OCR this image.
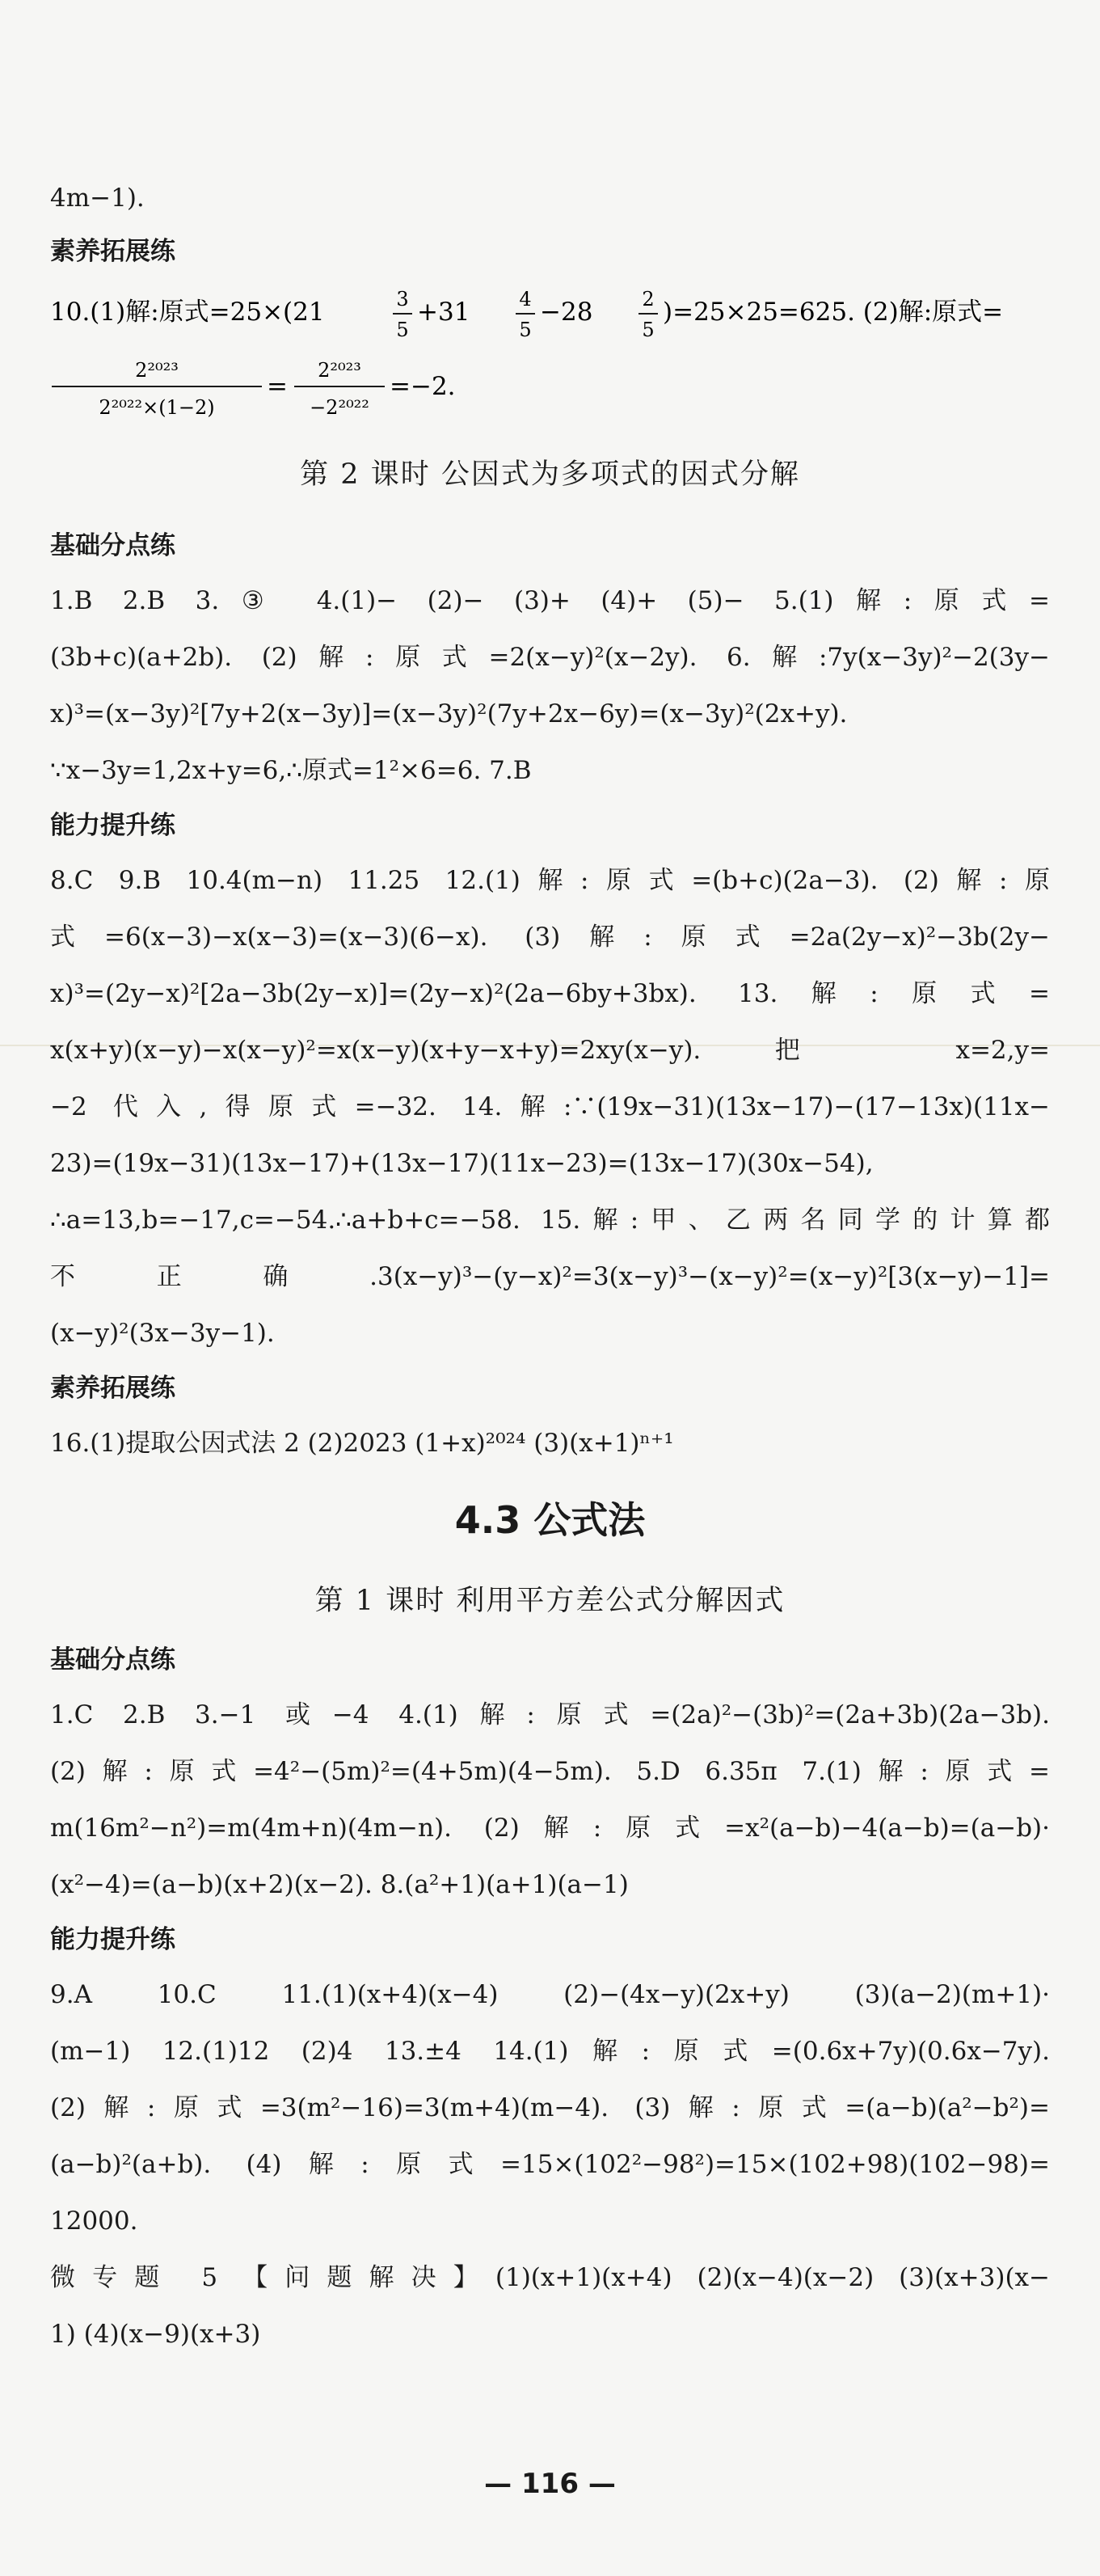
4m−1).
素养拓展练
10.(1)解:原式=25×(21	3
5
+31	4
5
−28	2
5
)=25×25=625. (2)解:原式=
2²⁰²³
2²⁰²²×(1−2)
=
2²⁰²³
−2²⁰²²
=−2.
第 2 课时 公因式为多项式的因式分解
基础分点练
1.B 2.B 3.③ 4.(1)− (2)− (3)+ (4)+ (5)− 5.(1)解:原式=
(3b+c)(a+2b). (2)解:原式=2(x−y)²(x−2y). 6.解:7y(x−3y)²−2(3y−
x)³=(x−3y)²[7y+2(x−3y)]=(x−3y)²(7y+2x−6y)=(x−3y)²(2x+y).
∵x−3y=1,2x+y=6,∴原式=1²×6=6. 7.B
能力提升练
8.C 9.B 10.4(m−n) 11.25 12.(1)解:原式=(b+c)(2a−3). (2)解:原
式=6(x−3)−x(x−3)=(x−3)(6−x). (3)解:原式=2a(2y−x)²−3b(2y−
x)³=(2y−x)²[2a−3b(2y−x)]=(2y−x)²(2a−6by+3bx). 13.解:原式=
x(x+y)(x−y)−x(x−y)²=x(x−y)(x+y−x+y)=2xy(x−y).把 x=2,y=
−2 代入,得原式=−32. 14.解:∵(19x−31)(13x−17)−(17−13x)(11x−
23)=(19x−31)(13x−17)+(13x−17)(11x−23)=(13x−17)(30x−54),
∴a=13,b=−17,c=−54.∴a+b+c=−58. 15.解:甲、乙两名同学的计算都
不正确.3(x−y)³−(y−x)²=3(x−y)³−(x−y)²=(x−y)²[3(x−y)−1]=
(x−y)²(3x−3y−1).
素养拓展练
16.(1)提取公因式法 2 (2)2023 (1+x)²⁰²⁴ (3)(x+1)ⁿ⁺¹
4.3 公式法
第 1 课时 利用平方差公式分解因式
基础分点练
1.C 2.B 3.−1 或−4 4.(1)解:原式=(2a)²−(3b)²=(2a+3b)(2a−3b).
(2)解:原式=4²−(5m)²=(4+5m)(4−5m). 5.D 6.35π 7.(1)解:原式=
m(16m²−n²)=m(4m+n)(4m−n). (2)解:原式=x²(a−b)−4(a−b)=(a−b)·
(x²−4)=(a−b)(x+2)(x−2). 8.(a²+1)(a+1)(a−1)
能力提升练
9.A 10.C 11.(1)(x+4)(x−4) (2)−(4x−y)(2x+y) (3)(a−2)(m+1)·
(m−1) 12.(1)12 (2)4 13.±4 14.(1)解:原式=(0.6x+7y)(0.6x−7y).
(2)解:原式=3(m²−16)=3(m+4)(m−4). (3)解:原式=(a−b)(a²−b²)=
(a−b)²(a+b). (4)解:原式=15×(102²−98²)=15×(102+98)(102−98)=
12000.
微专题 5 【问题解决】(1)(x+1)(x+4) (2)(x−4)(x−2) (3)(x+3)(x−
1) (4)(x−9)(x+3)
— 116 —
